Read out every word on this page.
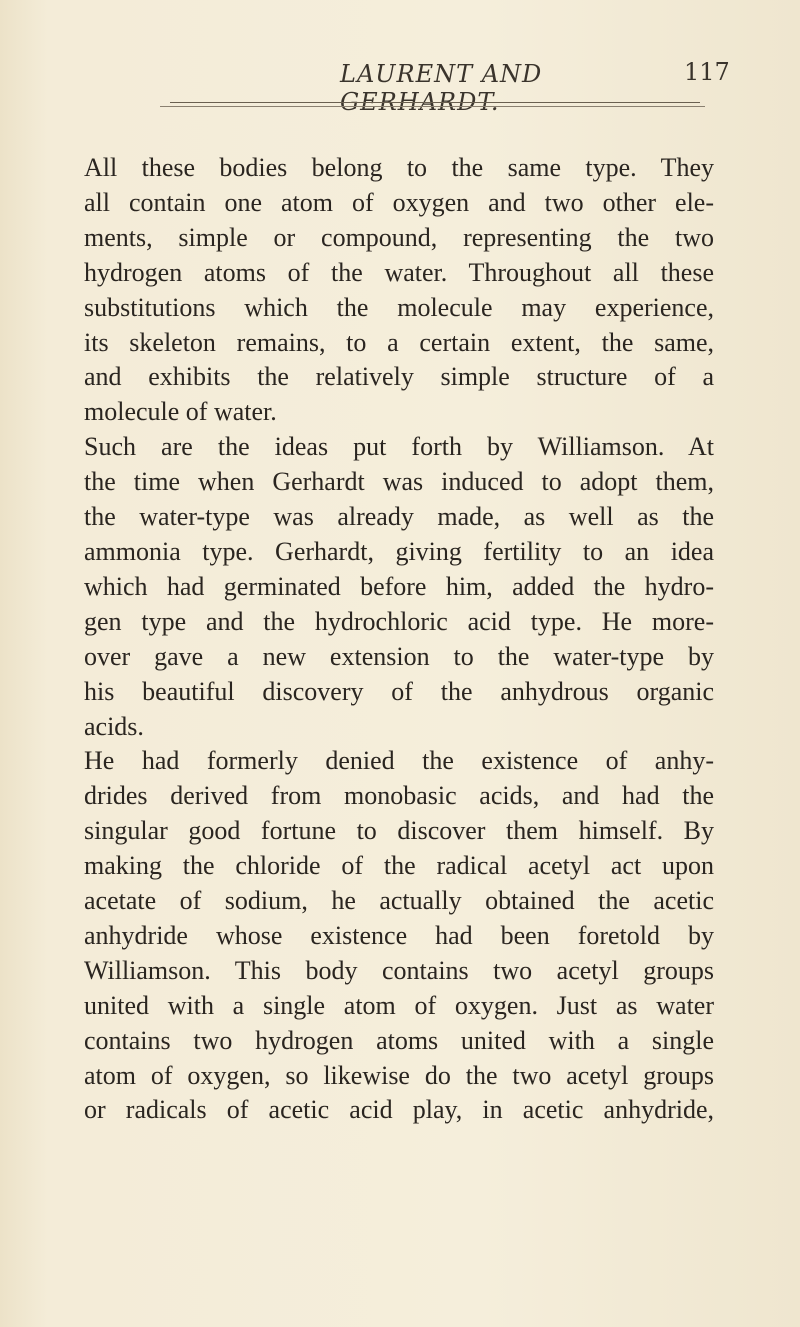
LAURENT AND GERHARDT.
117
All these bodies belong to the same type. They
all contain one atom of oxygen and two other ele-
ments, simple or compound, representing the two
hydrogen atoms of the water. Throughout all these
substitutions which the molecule may experience,
its skeleton remains, to a certain extent, the same,
and exhibits the relatively simple structure of a
molecule of water.
Such are the ideas put forth by Williamson. At
the time when Gerhardt was induced to adopt them,
the water-type was already made, as well as the
ammonia type. Gerhardt, giving fertility to an idea
which had germinated before him, added the hydro-
gen type and the hydrochloric acid type. He more-
over gave a new extension to the water-type by
his beautiful discovery of the anhydrous organic
acids.
He had formerly denied the existence of anhy-
drides derived from monobasic acids, and had the
singular good fortune to discover them himself. By
making the chloride of the radical acetyl act upon
acetate of sodium, he actually obtained the acetic
anhydride whose existence had been foretold by
Williamson. This body contains two acetyl groups
united with a single atom of oxygen. Just as water
contains two hydrogen atoms united with a single
atom of oxygen, so likewise do the two acetyl groups
or radicals of acetic acid play, in acetic anhydride,
